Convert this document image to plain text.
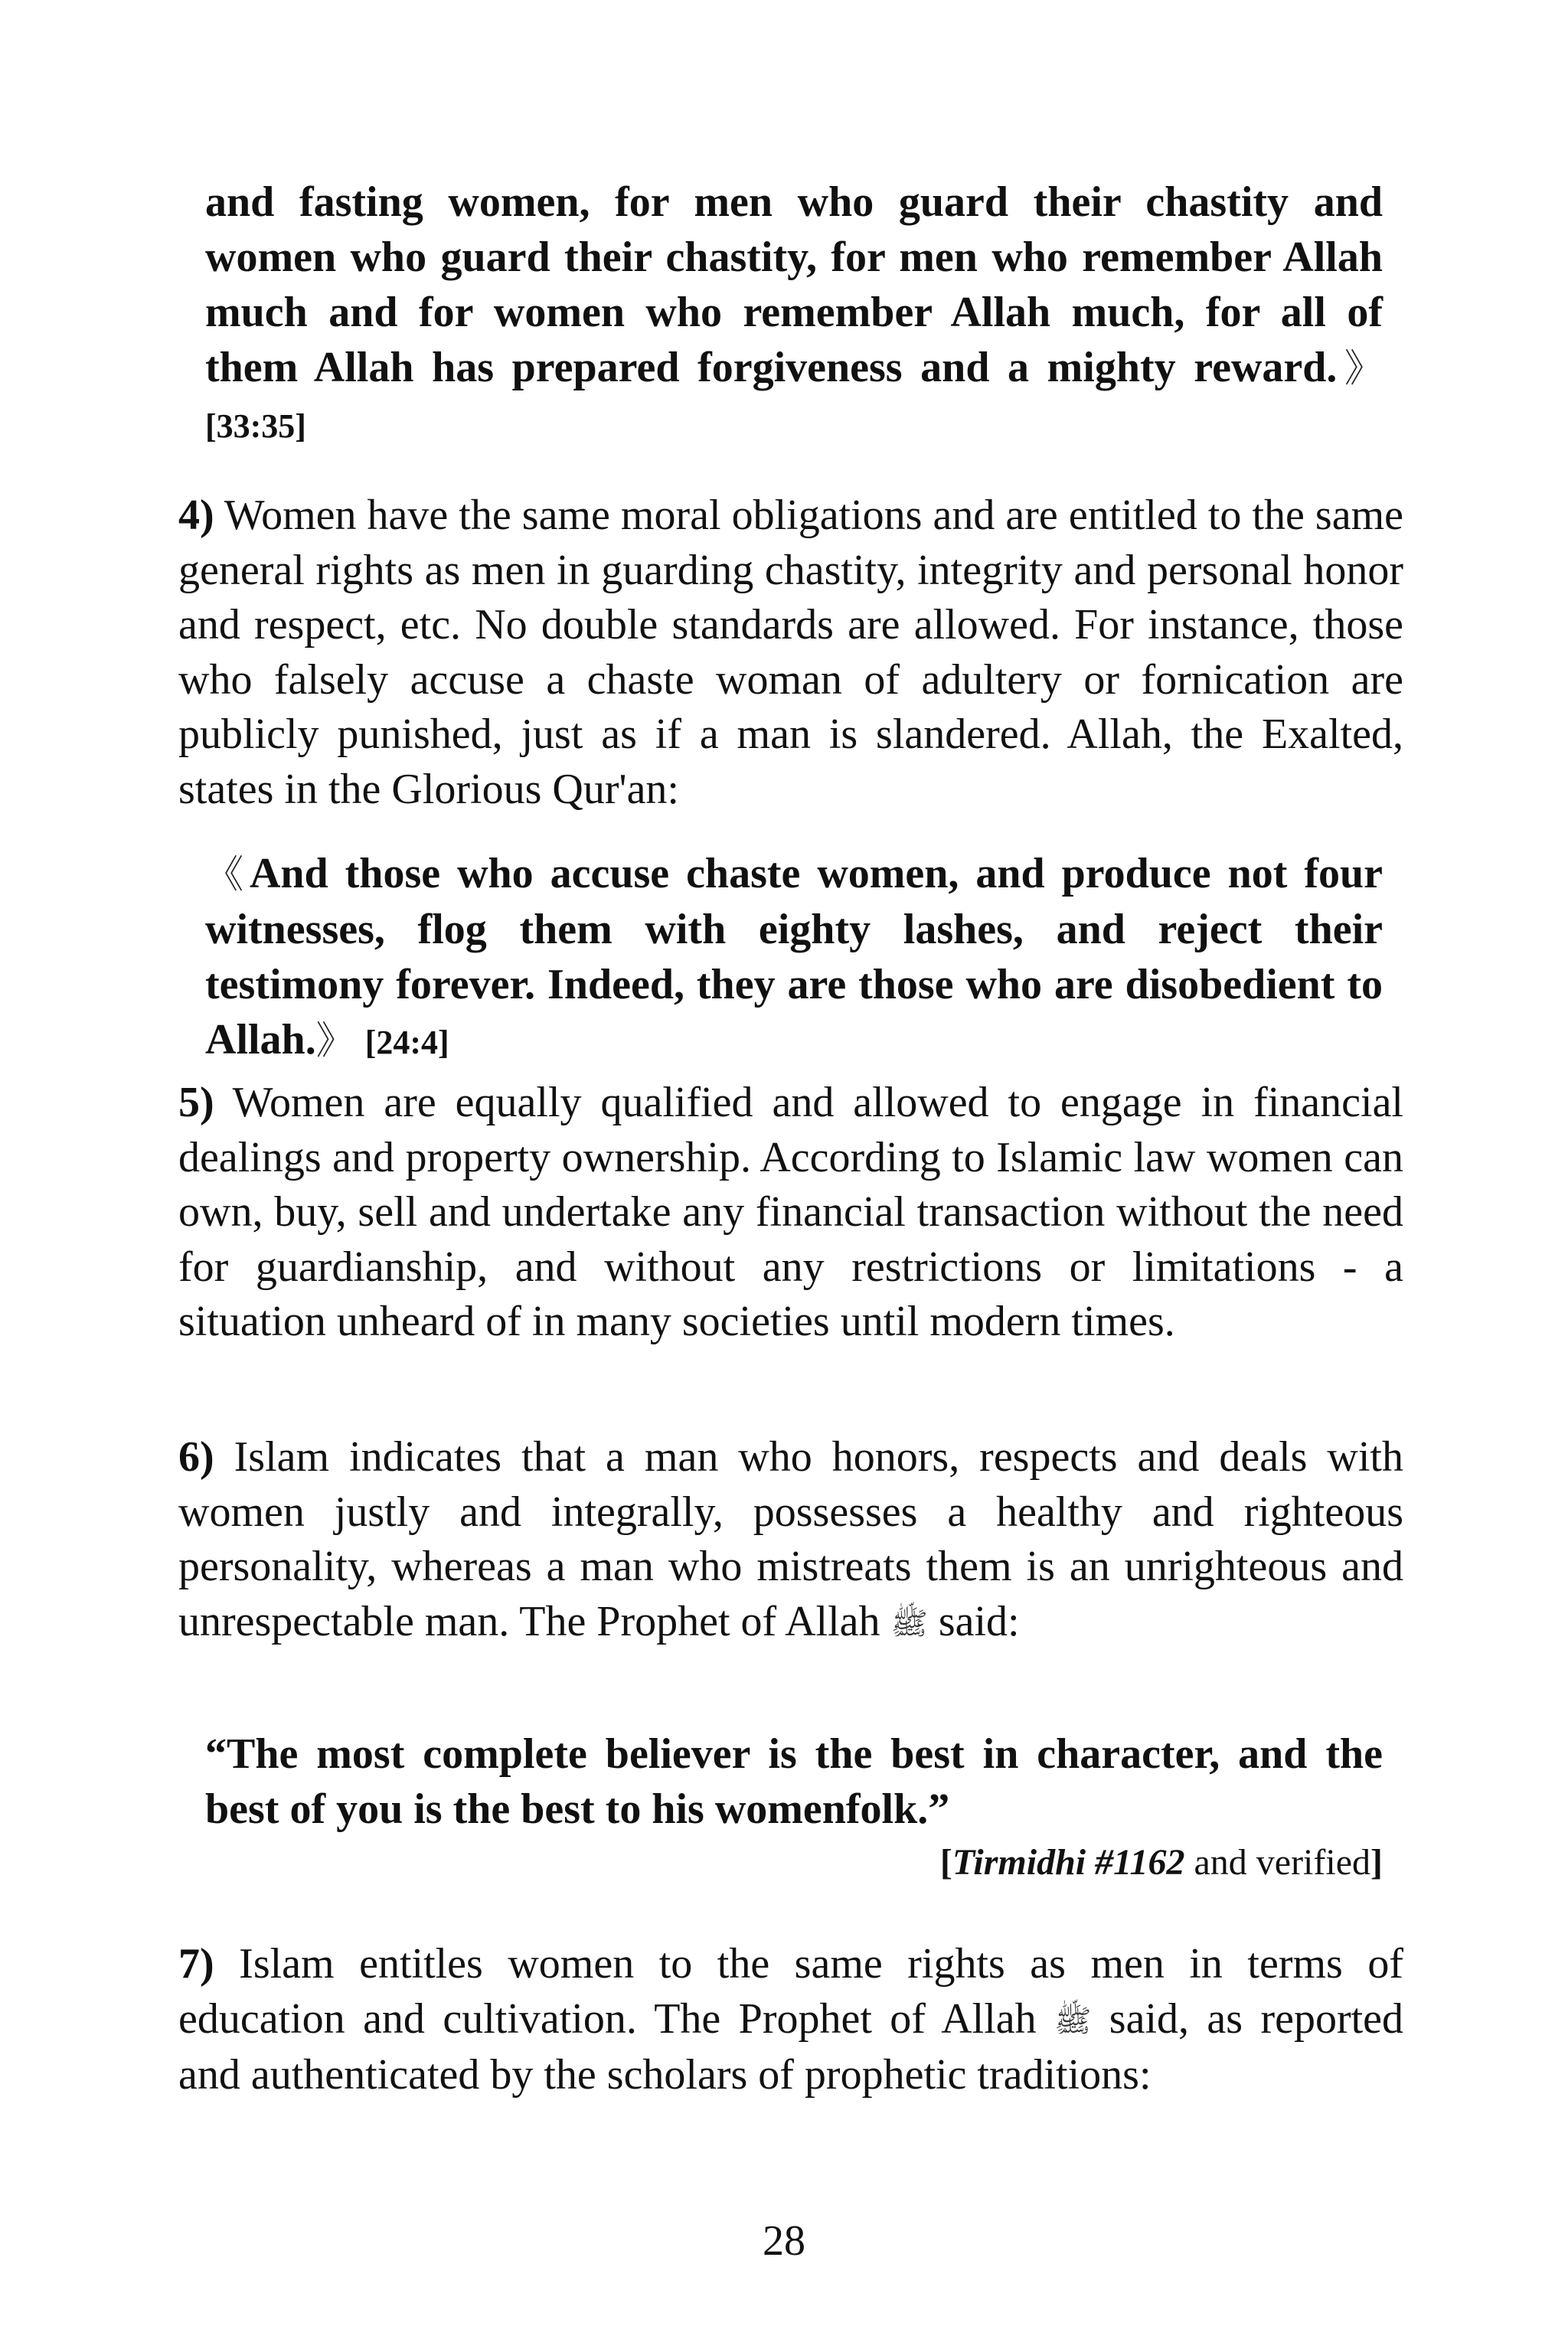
and fasting women, for men who guard their chastity and women who guard their chastity, for men who remember Allah much and for women who remember Allah much, for all of them Allah has prepared forgiveness and a mighty reward.》 [33:35]
4) Women have the same moral obligations and are entitled to the same general rights as men in guarding chastity, integrity and personal honor and respect, etc. No double standards are allowed. For instance, those who falsely accuse a chaste woman of adultery or fornication are publicly punished, just as if a man is slandered. Allah, the Exalted, states in the Glorious Qur'an:
《And those who accuse chaste women, and produce not four witnesses, flog them with eighty lashes, and reject their testimony forever. Indeed, they are those who are disobedient to Allah.》 [24:4]
5) Women are equally qualified and allowed to engage in financial dealings and property ownership. According to Islamic law women can own, buy, sell and undertake any financial transaction without the need for guardianship, and without any restrictions or limitations - a situation unheard of in many societies until modern times.
6) Islam indicates that a man who honors, respects and deals with women justly and integrally, possesses a healthy and righteous personality, whereas a man who mistreats them is an unrighteous and unrespectable man. The Prophet of Allah ﷺ said:
“The most complete believer is the best in character, and the best of you is the best to his womenfolk.”
[Tirmidhi #1162 and verified]
7) Islam entitles women to the same rights as men in terms of education and cultivation. The Prophet of Allah ﷺ said, as reported and authenticated by the scholars of prophetic traditions:
28
